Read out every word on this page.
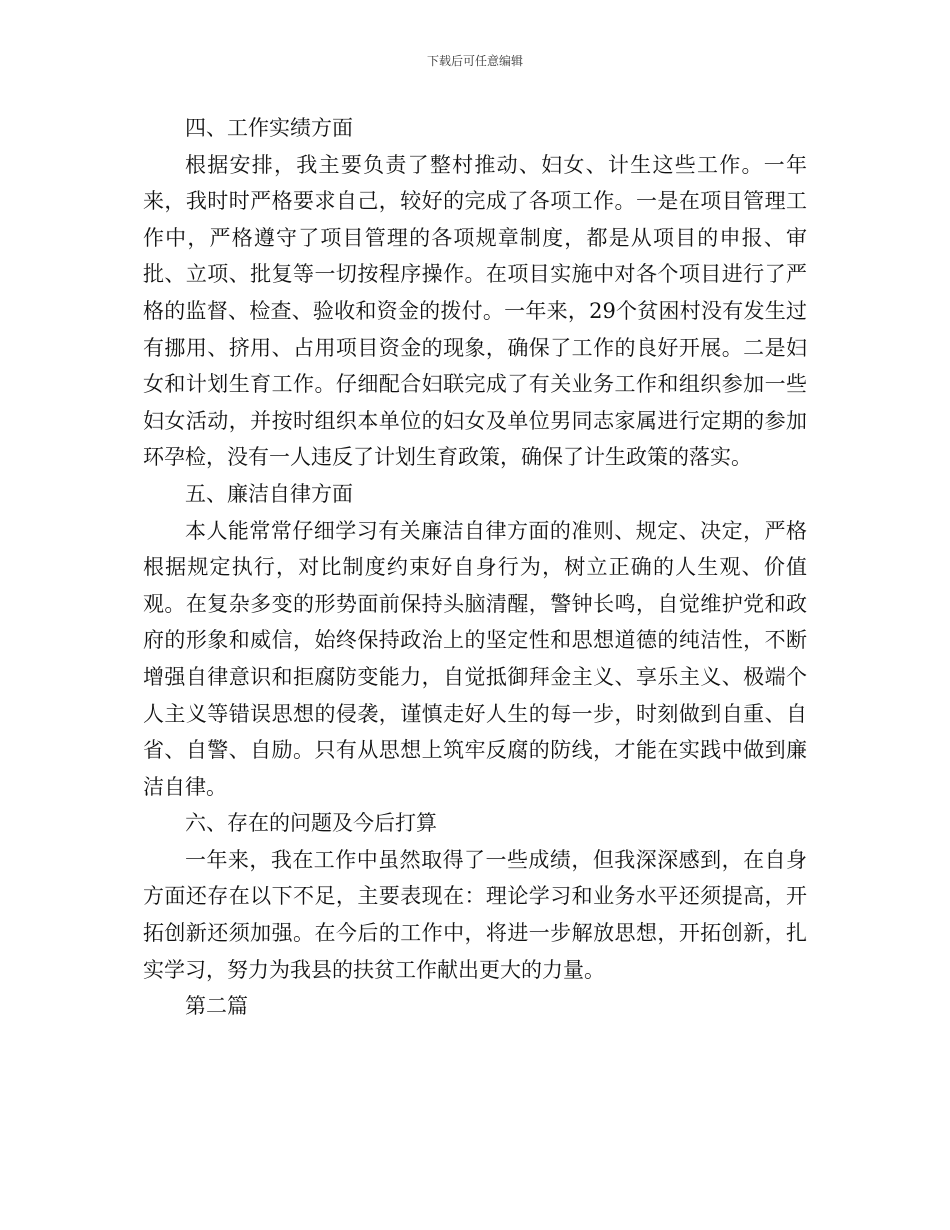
下载后可任意编辑

四、工作实绩方面

根据安排，我主要负责了整村推动、妇女、计生这些工作。一年来，我时时严格要求自己，较好的完成了各项工作。一是在项目管理工作中，严格遵守了项目管理的各项规章制度，都是从项目的申报、审批、立项、批复等一切按程序操作。在项目实施中对各个项目进行了严格的监督、检查、验收和资金的拨付。一年来，29个贫困村没有发生过有挪用、挤用、占用项目资金的现象，确保了工作的良好开展。二是妇女和计划生育工作。仔细配合妇联完成了有关业务工作和组织参加一些妇女活动，并按时组织本单位的妇女及单位男同志家属进行定期的参加环孕检，没有一人违反了计划生育政策，确保了计生政策的落实。

五、廉洁自律方面

本人能常常仔细学习有关廉洁自律方面的准则、规定、决定，严格根据规定执行，对比制度约束好自身行为，树立正确的人生观、价值观。在复杂多变的形势面前保持头脑清醒，警钟长鸣，自觉维护党和政府的形象和威信，始终保持政治上的坚定性和思想道德的纯洁性，不断增强自律意识和拒腐防变能力，自觉抵御拜金主义、享乐主义、极端个人主义等错误思想的侵袭，谨慎走好人生的每一步，时刻做到自重、自省、自警、自励。只有从思想上筑牢反腐的防线，才能在实践中做到廉洁自律。

六、存在的问题及今后打算

一年来，我在工作中虽然取得了一些成绩，但我深深感到，在自身方面还存在以下不足，主要表现在：理论学习和业务水平还须提高，开拓创新还须加强。在今后的工作中，将进一步解放思想，开拓创新，扎实学习，努力为我县的扶贫工作献出更大的力量。

第二篇
